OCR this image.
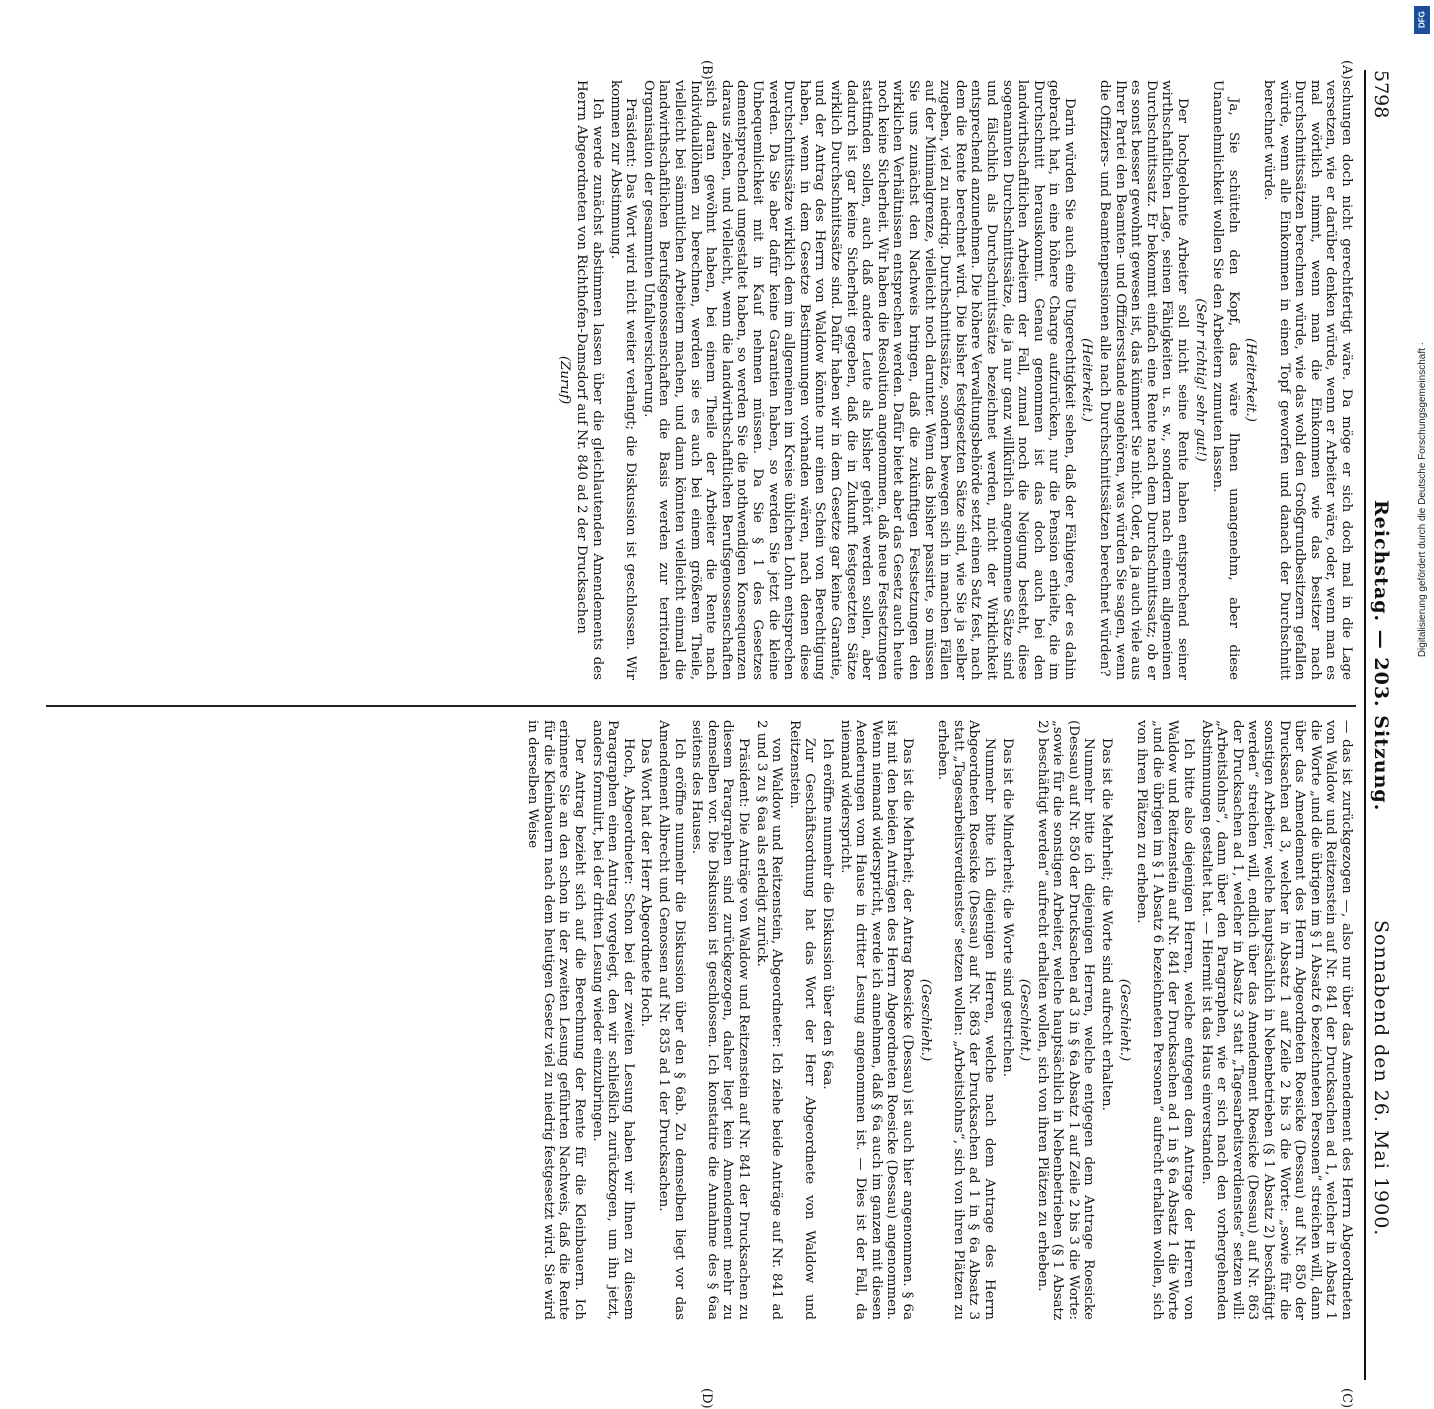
5798
Reichstag. — 203. Sitzung.
Sonnabend den 26. Mai 1900.
(A)
(B)
(C)
(D)

schungen doch nicht gerechtfertigt wäre. Da möge er sich doch mal in die Lage versetzen, wie er darüber denken würde, wenn er Arbeiter wäre, oder, wenn man es mal wörtlich nimmt, wenn man die Einkommen wie das besitzer nach Durchschnittssätzen berechnen würde, wie das wohl den Großgrundbesitzern gefallen würde, wenn alle Einkommen in einen Topf geworfen und danach der Durchschnitt berechnet würde.

(Heiterkeit.)

Ja, Sie schütteln den Kopf, das wäre Ihnen unangenehm, aber diese Unannehmlichkeit wollen Sie den Arbeitern zumuten lassen.

(Sehr richtig! sehr gut!)

Der hochgelohnte Arbeiter soll nicht seine Rente haben entsprechend seiner wirthschaftlichen Lage, seinen Fähigkeiten u. s. w., sondern nach einem allgemeinen Durchschnittssatz. Er bekommt einfach eine Rente nach dem Durchschnittssatz; ob er es sonst besser gewohnt gewesen ist, das kümmert Sie nicht. Oder, da ja auch viele aus Ihrer Partei den Beamten- und Offiziersstande angehören, was würden Sie sagen, wenn die Offiziers- und Beamtenpensionen alle nach Durchschnittssätzen berechnet würden?

(Heiterkeit.)

Darin würden Sie auch eine Ungerechtigkeit sehen, daß der Fähigere, der es dahin gebracht hat, in eine höhere Charge aufzurücken, nur die Pension erhielte, die im Durchschnitt herauskommt. Genau genommen ist das doch auch bei den landwirthschaftlichen Arbeitern der Fall, zumal noch die Neigung besteht, diese sogenannten Durchschnittssätze, die ja nur ganz willkürlich angenommene Sätze sind und fälschlich als Durchschnittssätze bezeichnet werden, nicht der Wirklichkeit entsprechend anzunehmen. Die höhere Verwaltungsbehörde setzt einen Satz fest, nach dem die Rente berechnet wird. Die bisher festgesetzten Sätze sind, wie Sie ja selber zugeben, viel zu niedrig. Durchschnittssätze, sondern bewegen sich in manchen Fällen auf der Minimalgrenze, vielleicht noch darunter. Wenn das bisher passirte, so müssen Sie uns zunächst den Nachweis bringen, daß die zukünftigen Festsetzungen den wirklichen Verhältnissen entsprechen werden. Dafür bietet aber das Gesetz auch heute noch keine Sicherheit. Wir haben die Resolution angenommen, daß neue Festsetzungen stattfinden sollen, auch daß andere Leute als bisher gehört werden sollen, aber dadurch ist gar keine Sicherheit gegeben, daß die in Zukunft festgesetzten Sätze wirklich Durchschnittssätze sind. Dafür haben wir in dem Gesetze gar keine Garantie, und der Antrag des Herrn von Waldow könnte nur einen Schein von Berechtigung haben, wenn in dem Gesetze Bestimmungen vorhanden wären, nach denen diese Durchschnittssätze wirklich dem im allgemeinen im Kreise üblichen Lohn entsprechen werden. Da Sie aber dafür keine Garantien haben, so werden Sie jetzt die kleine Unbequemlichkeit mit in Kauf nehmen müssen. Da Sie § 1 des Gesetzes dementsprechend umgestaltet haben, so werden Sie die nothwendigen Konsequenzen daraus ziehen, und vielleicht, wenn die landwirthschaftlichen Berufsgenossenschaften sich daran gewöhnt haben, bei einem Theile der Arbeiter die Rente nach Individuallöhnen zu berechnen, werden sie es auch bei einem größeren Theile, vielleicht bei sämmtlichen Arbeitern machen, und dann könnten vielleicht einmal die landwirthschaftlichen Berufsgenossenschaften die Basis werden zur territorialen Organisation der gesammten Unfallversicherung.

Präsident: Das Wort wird nicht weiter verlangt; die Diskussion ist geschlossen. Wir kommen zur Abstimmung.

Ich werde zunächst abstimmen lassen über die gleichlautenden Amendements des Herrn Abgeordneten von Richthofen-Damsdorf auf Nr. 840 ad 2 der Drucksachen

(Zuruf)

— das ist zurückgezogen —, also nur über das Amendement des Herrn Abgeordneten von Waldow und Reitzenstein auf Nr. 841 der Drucksachen ad 1, welcher in Absatz 1 die Worte „und die übrigen im § 1 Absatz 6 bezeichneten Personen“ streichen will, dann über das Amendement des Herrn Abgeordneten Roesicke (Dessau) auf Nr. 850 der Drucksachen ad 3, welcher in Absatz 1 auf Zeile 2 bis 3 die Worte: „sowie für die sonstigen Arbeiter, welche hauptsächlich in Nebenbetrieben (§ 1 Absatz 2) beschäftigt werden“ streichen will, endlich über das Amendement Roesicke (Dessau) auf Nr. 863 der Drucksachen ad 1, welcher in Absatz 3 statt „Tagesarbeitsverdienstes“ setzen will: „Arbeitslohns“, dann über den Paragraphen, wie er sich nach den vorhergehenden Abstimmungen gestaltet hat. — Hiermit ist das Haus einverstanden.

Ich bitte also diejenigen Herren, welche entgegen dem Antrage der Herren von Waldow und Reitzenstein auf Nr. 841 der Drucksachen ad 1 in § 6a Absatz 1 die Worte „und die übrigen im § 1 Absatz 6 bezeichneten Personen“ aufrecht erhalten wollen, sich von ihren Plätzen zu erheben.

(Geschieht.)

Das ist die Mehrheit; die Worte sind aufrecht erhalten.

Nunmehr bitte ich diejenigen Herren, welche entgegen dem Antrage Roesicke (Dessau) auf Nr. 850 der Drucksachen ad 3 in § 6a Absatz 1 auf Zeile 2 bis 3 die Worte: „sowie für die sonstigen Arbeiter, welche hauptsächlich in Nebenbetrieben (§ 1 Absatz 2) beschäftigt werden“ aufrecht erhalten wollen, sich von ihren Plätzen zu erheben.

(Geschieht.)

Das ist die Minderheit; die Worte sind gestrichen.

Nunmehr bitte ich diejenigen Herren, welche nach dem Antrage des Herrn Abgeordneten Roesicke (Dessau) auf Nr. 863 der Drucksachen ad 1 in § 6a Absatz 3 statt „Tagesarbeitsverdienstes“ setzen wollen: „Arbeitslohns“, sich von ihren Plätzen zu erheben.

(Geschieht.)

Das ist die Mehrheit; der Antrag Roesicke (Dessau) ist auch hier angenommen. § 6a ist mit den beiden Anträgen des Herrn Abgeordneten Roesicke (Dessau) angenommen. Wenn niemand widerspricht, werde ich annehmen, daß § 6a auch im ganzen mit diesen Aenderungen vom Hause in dritter Lesung angenommen ist. — Dies ist der Fall, da niemand widerspricht.

Ich eröffne nunmehr die Diskussion über den § 6aa.

Zur Geschäftsordnung hat das Wort der Herr Abgeordnete von Waldow und Reitzenstein.

von Waldow und Reitzenstein, Abgeordneter: Ich ziehe beide Anträge auf Nr. 841 ad 2 und 3 zu § 6aa als erledigt zurück.

Präsident: Die Anträge von Waldow und Reitzenstein auf Nr. 841 der Drucksachen zu diesem Paragraphen sind zurückgezogen, daher liegt kein Amendement mehr zu demselben vor. Die Diskussion ist geschlossen. Ich konstatire die Annahme des § 6aa seitens des Hauses.

Ich eröffne nunmehr die Diskussion über den § 6ab. Zu demselben liegt vor das Amendement Albrecht und Genossen auf Nr. 835 ad 1 der Drucksachen.

Das Wort hat der Herr Abgeordnete Hoch.

Hoch, Abgeordneter: Schon bei der zweiten Lesung haben wir Ihnen zu diesem Paragraphen einen Antrag vorgelegt, den wir schließlich zurückzogen, um ihn jetzt, anders formulirt, bei der dritten Lesung wieder einzubringen.

Der Antrag bezieht sich auf die Berechnung der Rente für die Kleinbauern. Ich erinnere Sie an den schon in der zweiten Lesung geführten Nachweis, daß die Rente für die Kleinbauern nach dem heutigen Gesetz viel zu niedrig festgesetzt wird. Sie wird in derselben Weise

Digitalisierung gefördert durch die Deutsche Forschungsgemeinschaft ·
DFG
